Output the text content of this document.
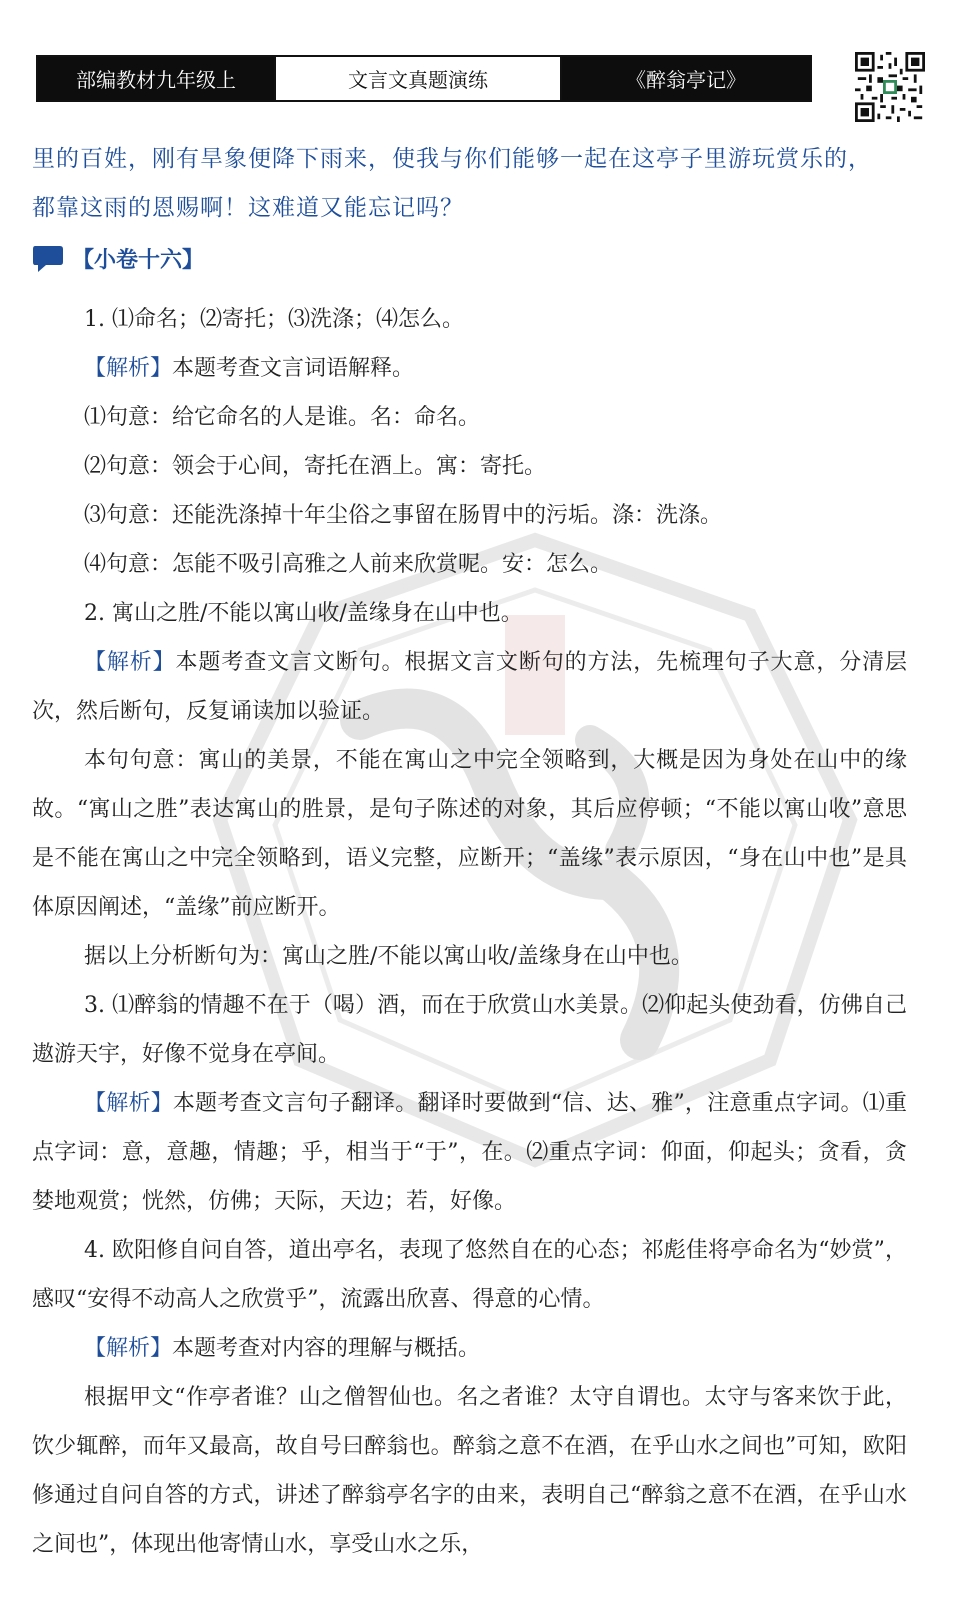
部编教材九年级上	文言文真题演练	《醉翁亭记》
里的百姓，刚有旱象便降下雨来，使我与你们能够一起在这亭子里游玩赏乐的，
都靠这雨的恩赐啊！这难道又能忘记吗？
【小卷十六】

1. ⑴命名；⑵寄托；⑶洗涤；⑷怎么。

【解析】本题考查文言词语解释。

⑴句意：给它命名的人是谁。名：命名。

⑵句意：领会于心间，寄托在酒上。寓：寄托。

⑶句意：还能洗涤掉十年尘俗之事留在肠胃中的污垢。涤：洗涤。

⑷句意：怎能不吸引高雅之人前来欣赏呢。安：怎么。

2. 寓山之胜/不能以寓山收/盖缘身在山中也。

【解析】本题考查文言文断句。根据文言文断句的方法，先梳理句子大意，分清层次，然后断句，反复诵读加以验证。

本句句意：寓山的美景，不能在寓山之中完全领略到，大概是因为身处在山中的缘故。“寓山之胜”表达寓山的胜景，是句子陈述的对象，其后应停顿；“不能以寓山收”意思是不能在寓山之中完全领略到，语义完整，应断开；“盖缘”表示原因，“身在山中也”是具体原因阐述，“盖缘”前应断开。

据以上分析断句为：寓山之胜/不能以寓山收/盖缘身在山中也。

3. ⑴醉翁的情趣不在于（喝）酒，而在于欣赏山水美景。⑵仰起头使劲看，仿佛自己遨游天宇，好像不觉身在亭间。

【解析】本题考查文言句子翻译。翻译时要做到“信、达、雅”，注意重点字词。⑴重点字词：意，意趣，情趣；乎，相当于“于”，在。⑵重点字词：仰面，仰起头；贪看，贪婪地观赏；恍然，仿佛；天际，天边；若，好像。

4. 欧阳修自问自答，道出亭名，表现了悠然自在的心态；祁彪佳将亭命名为“妙赏”，感叹“安得不动高人之欣赏乎”，流露出欣喜、得意的心情。

【解析】本题考查对内容的理解与概括。

根据甲文“作亭者谁？山之僧智仙也。名之者谁？太守自谓也。太守与客来饮于此，饮少辄醉，而年又最高，故自号曰醉翁也。醉翁之意不在酒，在乎山水之间也”可知，欧阳修通过自问自答的方式，讲述了醉翁亭名字的由来，表明自己“醉翁之意不在酒，在乎山水之间也”，体现出他寄情山水，享受山水之乐，
